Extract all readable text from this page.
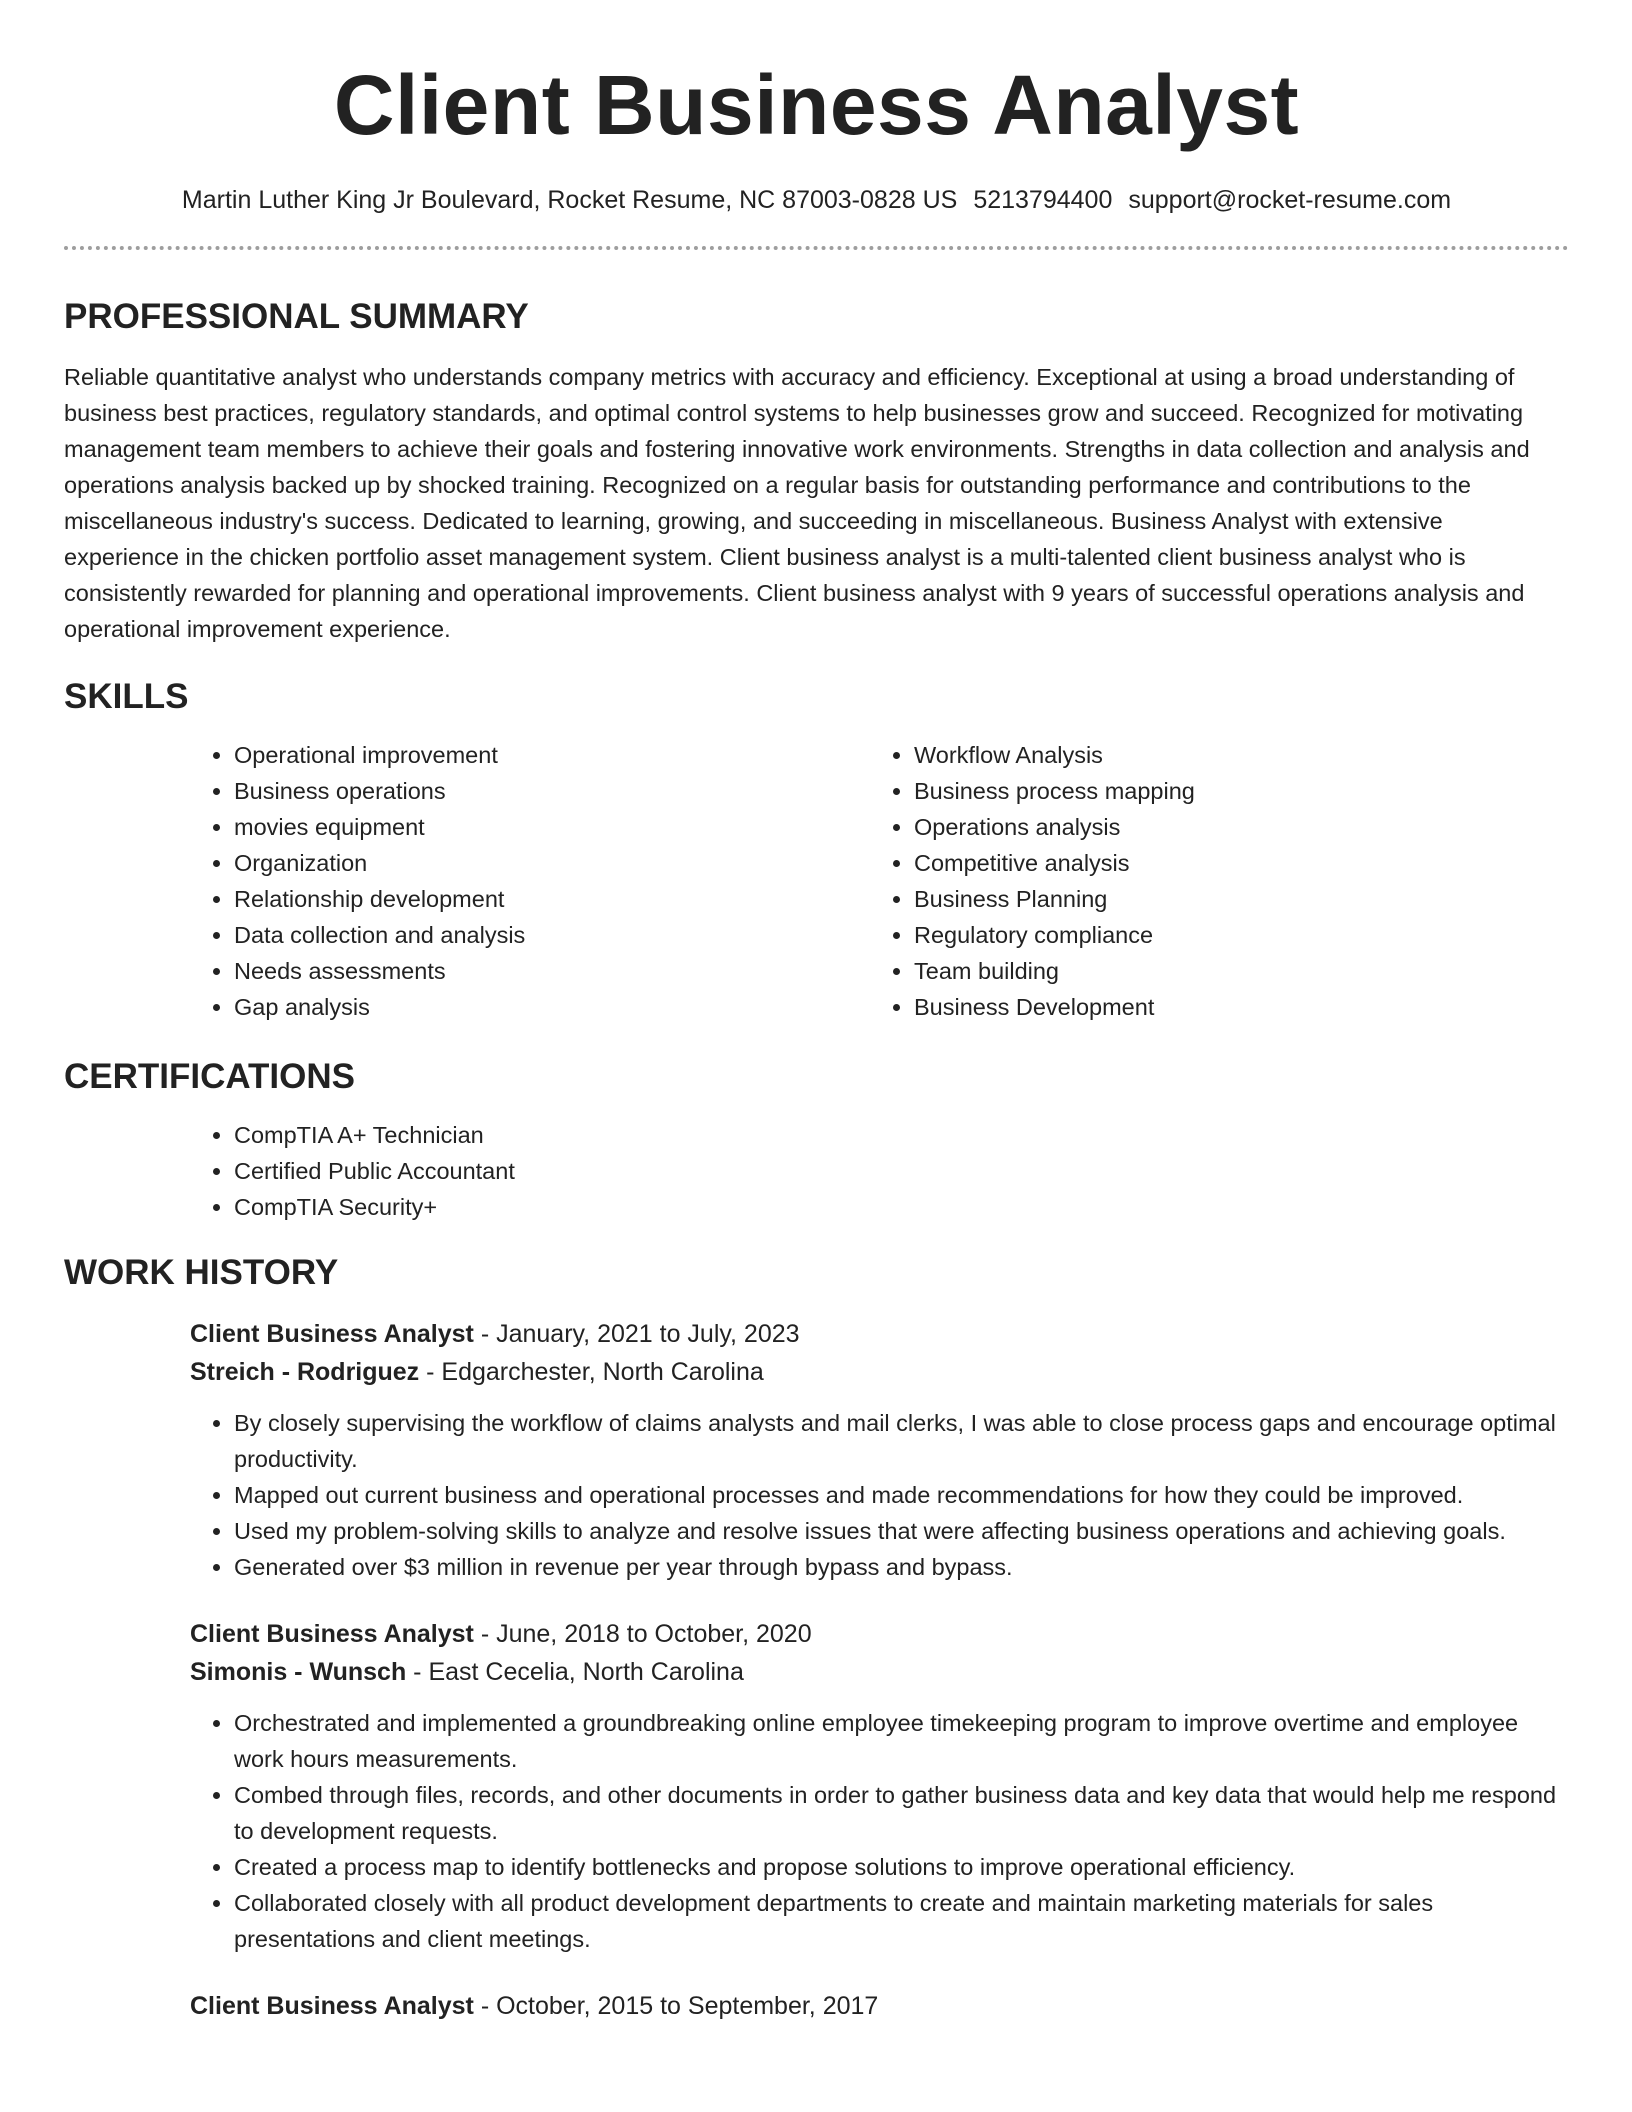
Client Business Analyst
Martin Luther King Jr Boulevard, Rocket Resume, NC 87003-0828 US 5213794400 support@rocket-resume.com
PROFESSIONAL SUMMARY

Reliable quantitative analyst who understands company metrics with accuracy and efficiency. Exceptional at using a broad understanding of business best practices, regulatory standards, and optimal control systems to help businesses grow and succeed. Recognized for motivating management team members to achieve their goals and fostering innovative work environments. Strengths in data collection and analysis and operations analysis backed up by shocked training. Recognized on a regular basis for outstanding performance and contributions to the miscellaneous industry's success. Dedicated to learning, growing, and succeeding in miscellaneous. Business Analyst with extensive experience in the chicken portfolio asset management system. Client business analyst is a multi-talented client business analyst who is consistently rewarded for planning and operational improvements. Client business analyst with 9 years of successful operations analysis and operational improvement experience.

SKILLS
• Operational improvement
• Business operations
• movies equipment
• Organization
• Relationship development
• Data collection and analysis
• Needs assessments
• Gap analysis
• Workflow Analysis
• Business process mapping
• Operations analysis
• Competitive analysis
• Business Planning
• Regulatory compliance
• Team building
• Business Development
CERTIFICATIONS
• CompTIA A+ Technician
• Certified Public Accountant
• CompTIA Security+
WORK HISTORY
Client Business Analyst - January, 2021 to July, 2023
Streich - Rodriguez - Edgarchester, North Carolina
• By closely supervising the workflow of claims analysts and mail clerks, I was able to close process gaps and encourage optimal productivity.
• Mapped out current business and operational processes and made recommendations for how they could be improved.
• Used my problem-solving skills to analyze and resolve issues that were affecting business operations and achieving goals.
• Generated over $3 million in revenue per year through bypass and bypass.
Client Business Analyst - June, 2018 to October, 2020
Simonis - Wunsch - East Cecelia, North Carolina
• Orchestrated and implemented a groundbreaking online employee timekeeping program to improve overtime and employee work hours measurements.
• Combed through files, records, and other documents in order to gather business data and key data that would help me respond to development requests.
• Created a process map to identify bottlenecks and propose solutions to improve operational efficiency.
• Collaborated closely with all product development departments to create and maintain marketing materials for sales presentations and client meetings.
Client Business Analyst - October, 2015 to September, 2017
